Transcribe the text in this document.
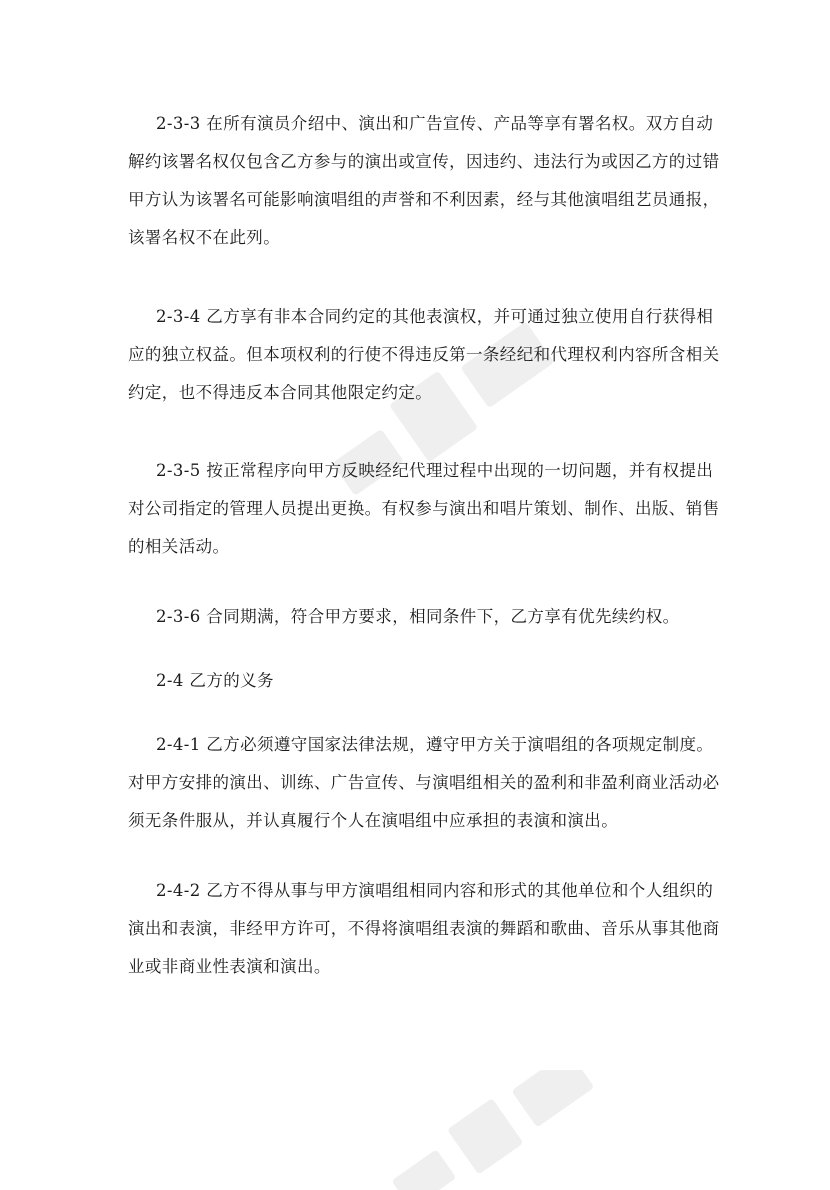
2-3-3 在所有演员介绍中、演出和广告宣传、产品等享有署名权。双方自动
解约该署名权仅包含乙方参与的演出或宣传，因违约、违法行为或因乙方的过错
甲方认为该署名可能影响演唱组的声誉和不利因素，经与其他演唱组艺员通报，
该署名权不在此列。
2-3-4 乙方享有非本合同约定的其他表演权，并可通过独立使用自行获得相
应的独立权益。但本项权利的行使不得违反第一条经纪和代理权利内容所含相关
约定，也不得违反本合同其他限定约定。
2-3-5 按正常程序向甲方反映经纪代理过程中出现的一切问题，并有权提出
对公司指定的管理人员提出更换。有权参与演出和唱片策划、制作、出版、销售
的相关活动。
2-3-6 合同期满，符合甲方要求，相同条件下，乙方享有优先续约权。
2-4 乙方的义务
2-4-1 乙方必须遵守国家法律法规，遵守甲方关于演唱组的各项规定制度。
对甲方安排的演出、训练、广告宣传、与演唱组相关的盈利和非盈利商业活动必
须无条件服从，并认真履行个人在演唱组中应承担的表演和演出。
2-4-2 乙方不得从事与甲方演唱组相同内容和形式的其他单位和个人组织的
演出和表演，非经甲方许可，不得将演唱组表演的舞蹈和歌曲、音乐从事其他商
业或非商业性表演和演出。
